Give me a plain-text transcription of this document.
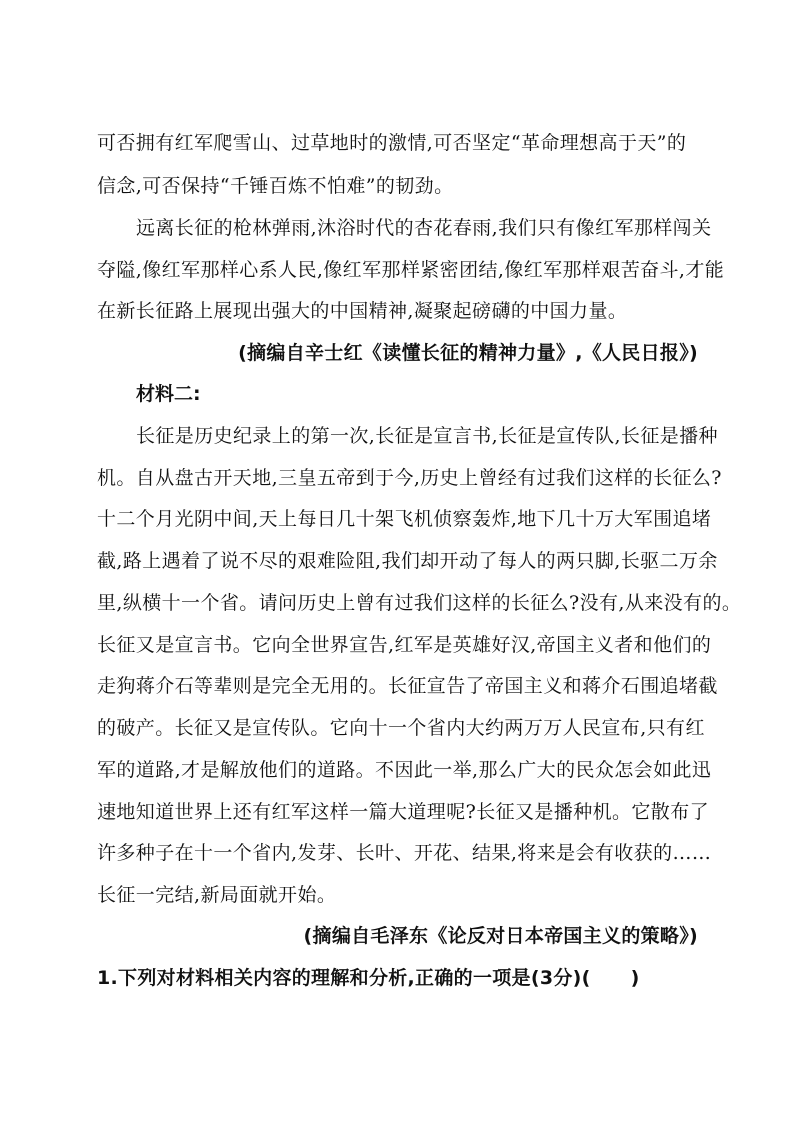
可否拥有红军爬雪山、过草地时的激情,可否坚定“革命理想高于天”的
信念,可否保持“千锤百炼不怕难”的韧劲。
远离长征的枪林弹雨,沐浴时代的杏花春雨,我们只有像红军那样闯关
夺隘,像红军那样心系人民,像红军那样紧密团结,像红军那样艰苦奋斗,才能
在新长征路上展现出强大的中国精神,凝聚起磅礴的中国力量。
(摘编自辛士红《读懂长征的精神力量》,《人民日报》)
材料二:
长征是历史纪录上的第一次,长征是宣言书,长征是宣传队,长征是播种
机。自从盘古开天地,三皇五帝到于今,历史上曾经有过我们这样的长征么?
十二个月光阴中间,天上每日几十架飞机侦察轰炸,地下几十万大军围追堵
截,路上遇着了说不尽的艰难险阻,我们却开动了每人的两只脚,长驱二万余
里,纵横十一个省。请问历史上曾有过我们这样的长征么?没有,从来没有的。
长征又是宣言书。它向全世界宣告,红军是英雄好汉,帝国主义者和他们的
走狗蒋介石等辈则是完全无用的。长征宣告了帝国主义和蒋介石围追堵截
的破产。长征又是宣传队。它向十一个省内大约两万万人民宣布,只有红
军的道路,才是解放他们的道路。不因此一举,那么广大的民众怎会如此迅
速地知道世界上还有红军这样一篇大道理呢?长征又是播种机。它散布了
许多种子在十一个省内,发芽、长叶、开花、结果,将来是会有收获的……
长征一完结,新局面就开始。
(摘编自毛泽东《论反对日本帝国主义的策略》)
1.下列对材料相关内容的理解和分析,正确的一项是(3分)( )
